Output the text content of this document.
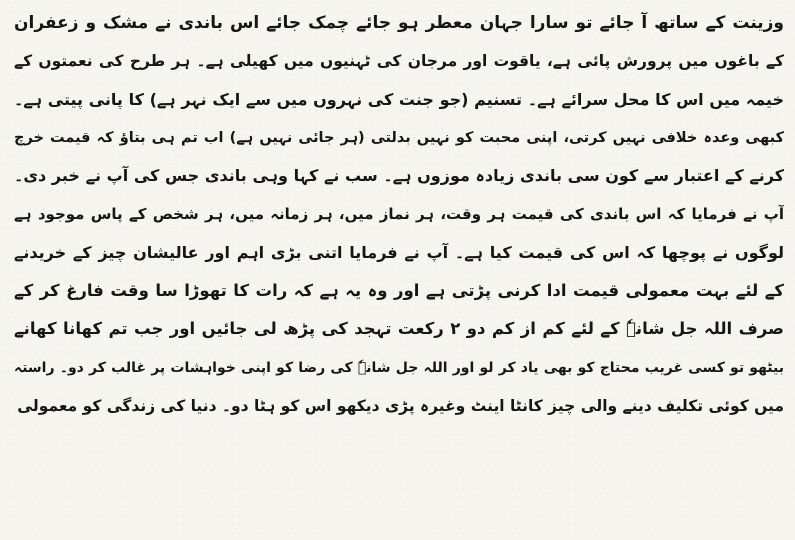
وزینت کے ساتھ آ جائے تو سارا جہان معطر ہو جائے چمک جائے اس باندی نے مشک و زعفران
کے باغوں میں پرورش پائی ہے، یاقوت اور مرجان کی ٹہنیوں میں کھیلی ہے۔ ہر طرح کی نعمتوں کے
خیمہ میں اس کا محل سرائے ہے۔ تسنیم (جو جنت کی نہروں میں سے ایک نہر ہے) کا پانی پیتی ہے۔
کبھی وعدہ خلافی نہیں کرتی، اپنی محبت کو نہیں بدلتی (ہر جائی نہیں ہے) اب تم ہی بتاؤ کہ قیمت خرچ
کرنے کے اعتبار سے کون سی باندی زیادہ موزوں ہے۔ سب نے کہا وہی باندی جس کی آپ نے خبر دی۔
آپ نے فرمایا کہ اس باندی کی قیمت ہر وقت، ہر نماز میں، ہر زمانہ میں، ہر شخص کے پاس موجود ہے
لوگوں نے پوچھا کہ اس کی قیمت کیا ہے۔ آپ نے فرمایا اتنی بڑی اہم اور عالیشان چیز کے خریدنے
کے لئے بہت معمولی قیمت ادا کرنی پڑتی ہے اور وہ یہ ہے کہ رات کا تھوڑا سا وقت فارغ کر کے
صرف اللہ جل شانہٗ کے لئے کم از کم دو ۲ رکعت تہجد کی پڑھ لی جائیں اور جب تم کھانا کھانے
بیٹھو تو کسی غریب محتاج کو بھی یاد کر لو اور اللہ جل شانہٗ کی رضا کو اپنی خواہشات پر غالب کر دو۔ راستہ
میں کوئی تکلیف دینے والی چیز کانٹا اینٹ وغیرہ پڑی دیکھو اس کو ہٹا دو۔ دنیا کی زندگی کو معمولی
